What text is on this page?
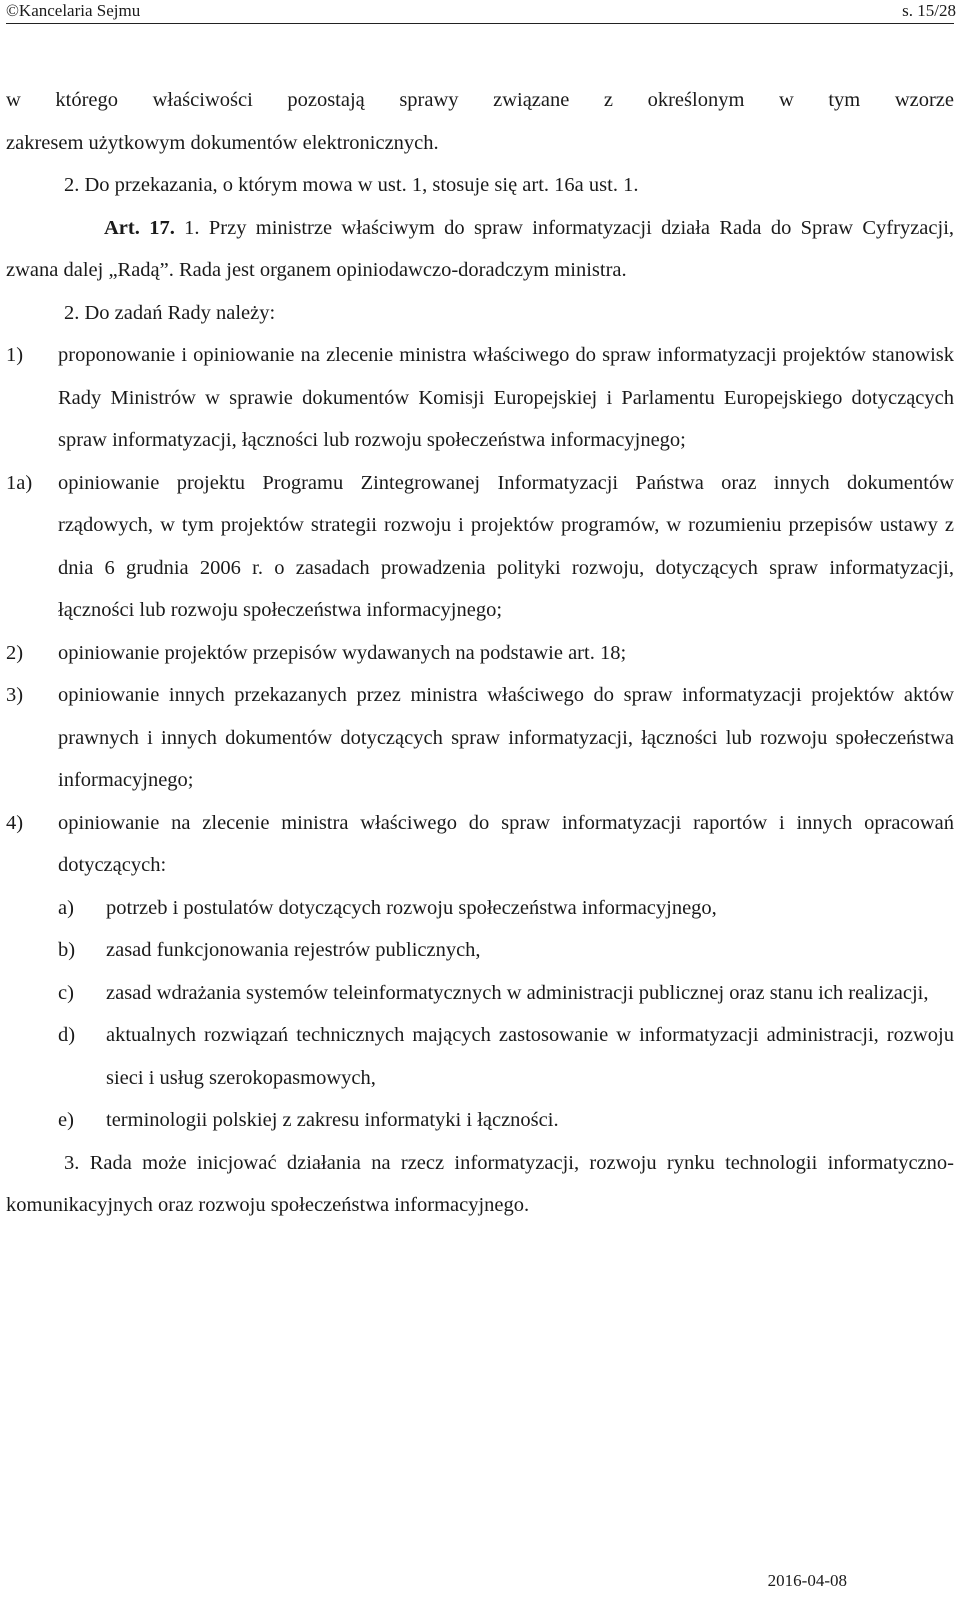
©Kancelaria Sejmu	s. 15/28

w którego właściwości pozostają sprawy związane z określonym w tym wzorze

zakresem użytkowym dokumentów elektronicznych.

2. Do przekazania, o którym mowa w ust. 1, stosuje się art. 16a ust. 1.

Art. 17. 1. Przy ministrze właściwym do spraw informatyzacji działa Rada do Spraw Cyfryzacji, zwana dalej „Radą”. Rada jest organem opiniodawczo-doradczym ministra.

2. Do zadań Rady należy:

1)	proponowanie i opiniowanie na zlecenie ministra właściwego do spraw informatyzacji projektów stanowisk Rady Ministrów w sprawie dokumentów Komisji Europejskiej i Parlamentu Europejskiego dotyczących spraw informatyzacji, łączności lub rozwoju społeczeństwa informacyjnego;
1a)	opiniowanie projektu Programu Zintegrowanej Informatyzacji Państwa oraz innych dokumentów rządowych, w tym projektów strategii rozwoju i projektów programów, w rozumieniu przepisów ustawy z dnia 6 grudnia 2006 r. o zasadach prowadzenia polityki rozwoju, dotyczących spraw informatyzacji, łączności lub rozwoju społeczeństwa informacyjnego;
2)	opiniowanie projektów przepisów wydawanych na podstawie art. 18;
3)	opiniowanie innych przekazanych przez ministra właściwego do spraw informatyzacji projektów aktów prawnych i innych dokumentów dotyczących spraw informatyzacji, łączności lub rozwoju społeczeństwa informacyjnego;
4)	opiniowanie na zlecenie ministra właściwego do spraw informatyzacji raportów i innych opracowań dotyczących:
a)	potrzeb i postulatów dotyczących rozwoju społeczeństwa informacyjnego,
b)	zasad funkcjonowania rejestrów publicznych,
c)	zasad wdrażania systemów teleinformatycznych w administracji publicznej oraz stanu ich realizacji,
d)	aktualnych rozwiązań technicznych mających zastosowanie w informatyzacji administracji, rozwoju sieci i usług szerokopasmowych,
e)	terminologii polskiej z zakresu informatyki i łączności.

3. Rada może inicjować działania na rzecz informatyzacji, rozwoju rynku technologii informatyczno-komunikacyjnych oraz rozwoju społeczeństwa informacyjnego.

2016-04-08
